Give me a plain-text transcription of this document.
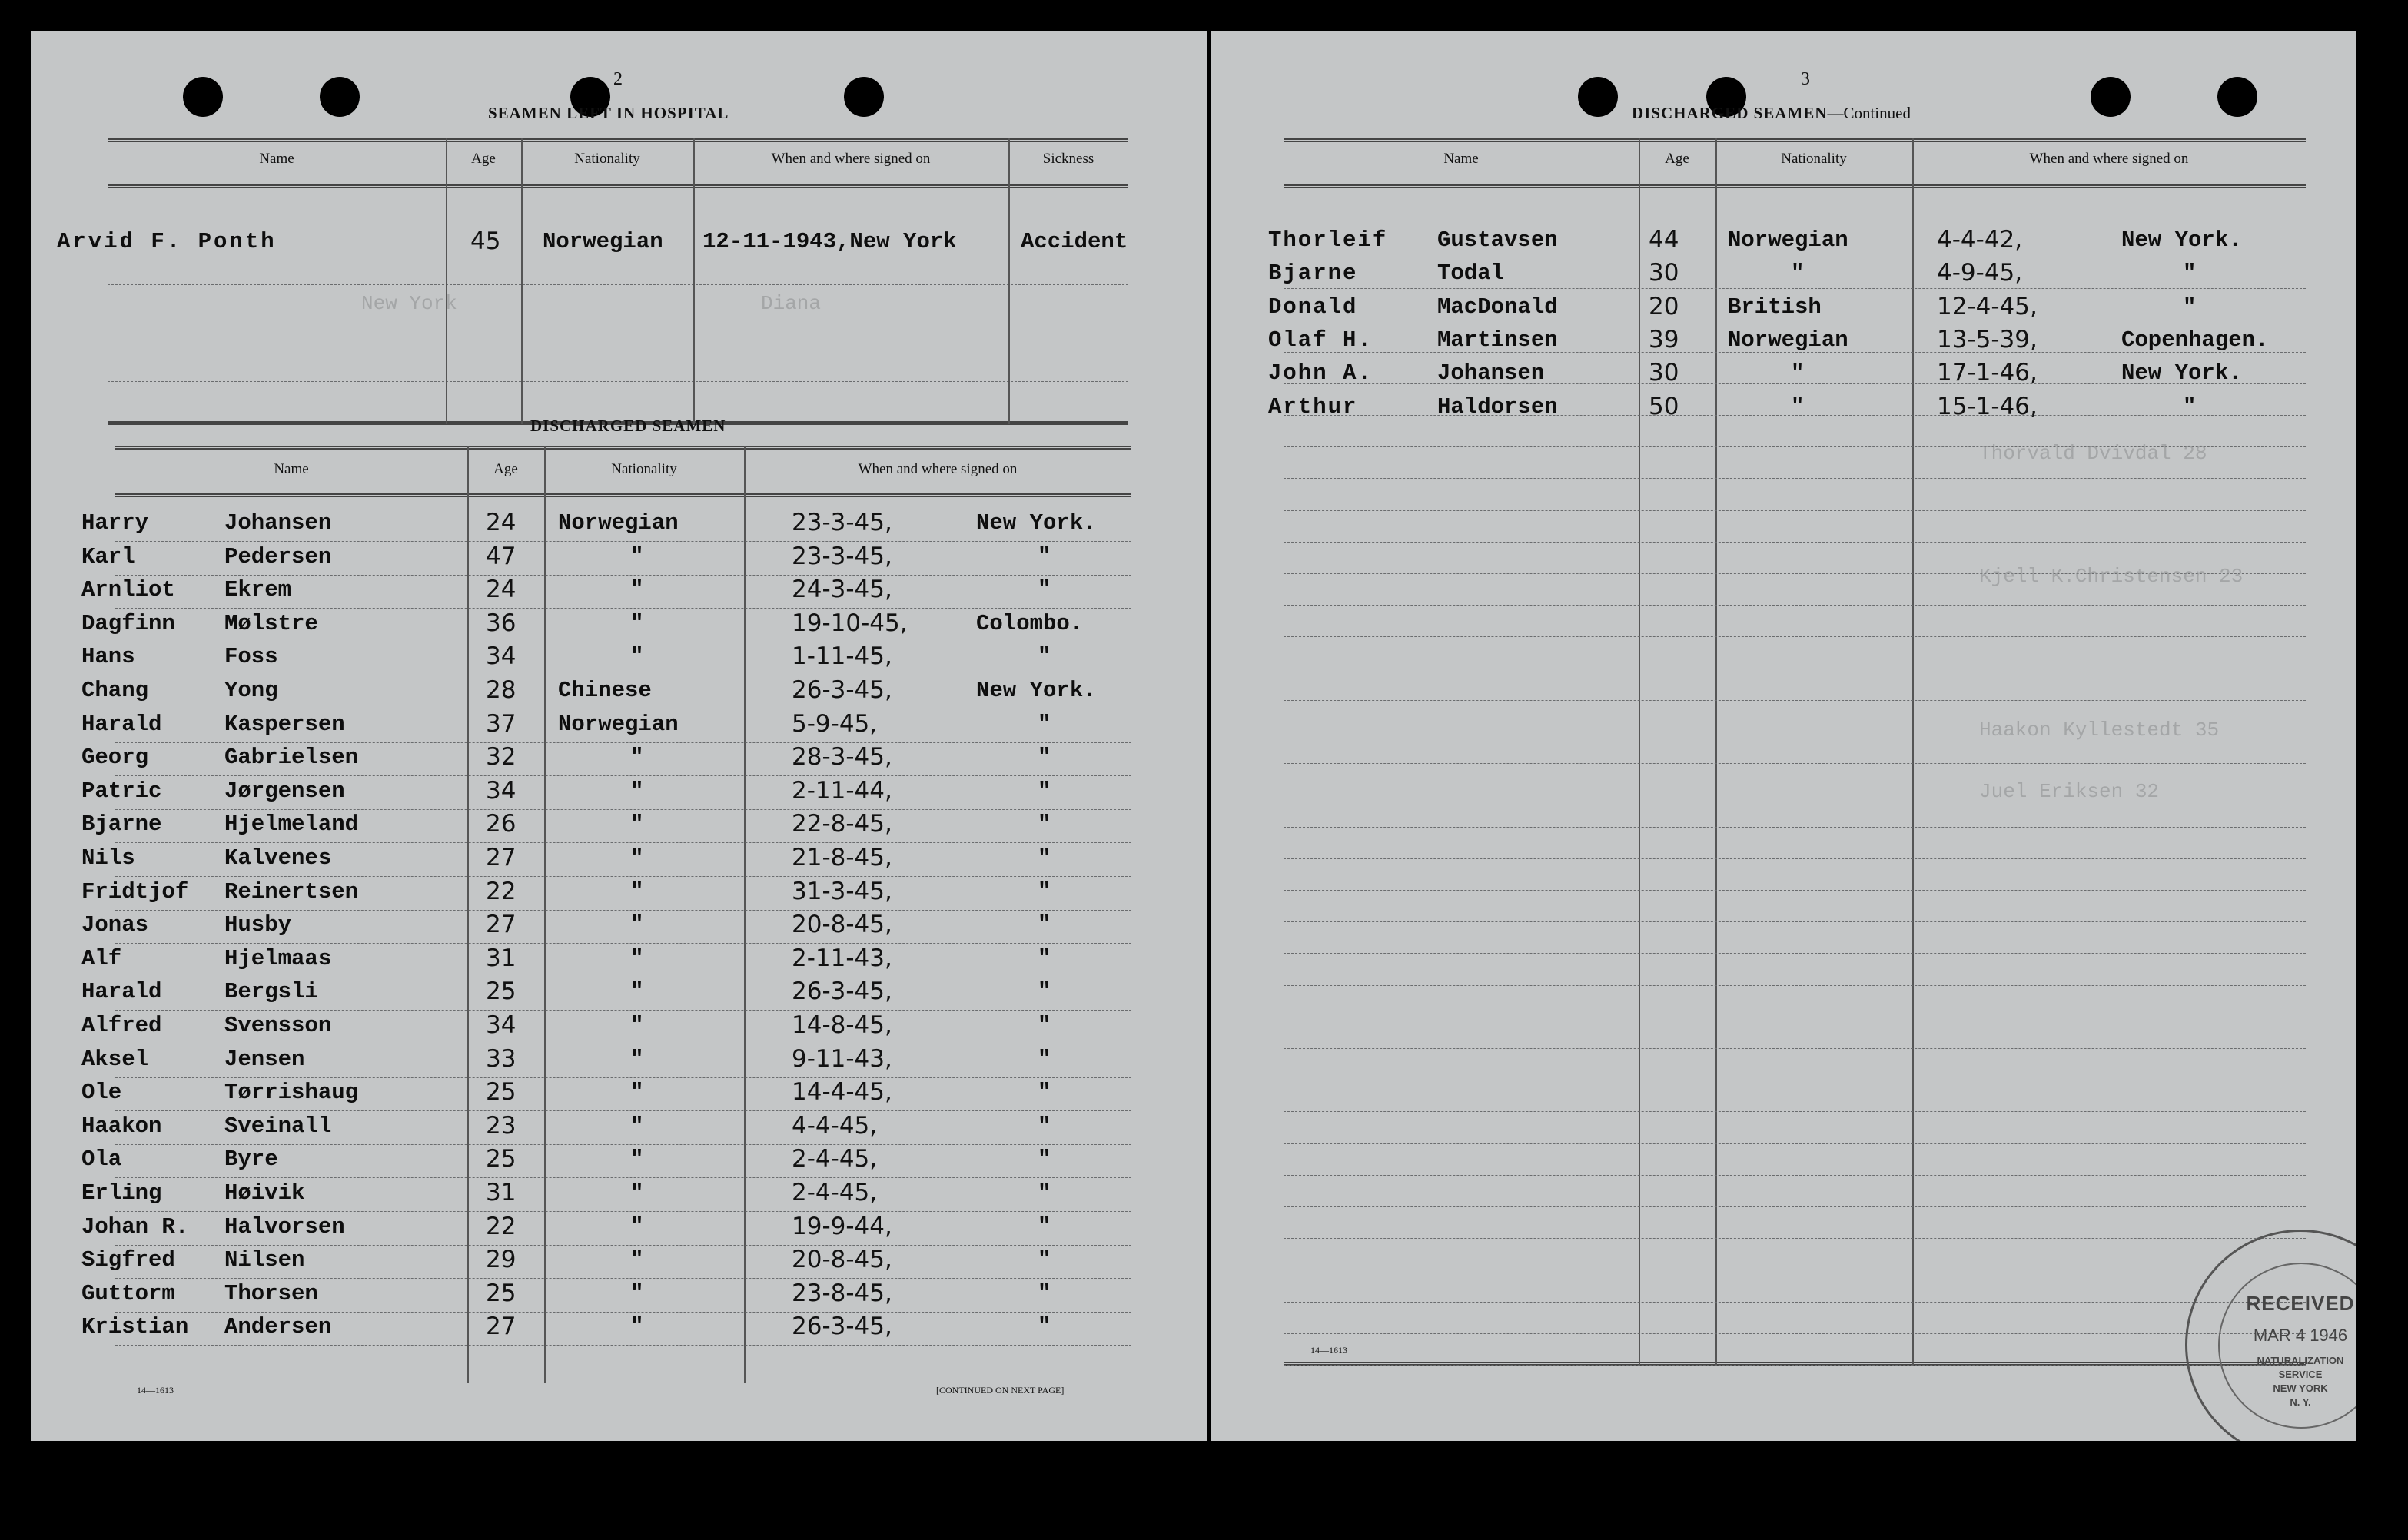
2
SEAMEN LEFT IN HOSPITAL
Name	Age	Nationality	When and where signed on	Sickness
Arvid F. Ponth	45 Norwegian 12-11-1943,New York	Accident
New York	Diana
DISCHARGED SEAMEN
Name	Age	Nationality	When and where signed on
Harry	Johansen	24 Norwegian	23-3-45,	New York.
Karl	Pedersen	47	"	23-3-45,	"
Arnliot Ekrem	24	"	24-3-45,	"
Dagfinn Mølstre	36	"	19-10-45,	Colombo.
Hans	Foss	34	"	1-11-45,	"
Chang	Yong	28 Chinese	26-3-45,	New York.
Harald	Kaspersen	37 Norwegian	5-9-45,	"
Georg	Gabrielsen	32	"	28-3-45,	"
Patric	Jørgensen	34	"	2-11-44,	"
Bjarne	Hjelmeland	26	"	22-8-45,	"
Nils	Kalvenes	27	"	21-8-45,	"
Fridtjof Reinertsen	22	"	31-3-45,	"
Jonas	Husby	27	"	20-8-45,	"
Alf	Hjelmaas	31	"	2-11-43,	"
Harald	Bergsli	25	"	26-3-45,	"
Alfred	Svensson	34	"	14-8-45,	"
Aksel	Jensen	33	"	9-11-43,	"
Ole	Tørrishaug	25	"	14-4-45,	"
Haakon	Sveinall	23	"	4-4-45,	"
Ola	Byre	25	"	2-4-45,	"
Erling	Høivik	31	"	2-4-45,	"
Johan R. Halvorsen	22	"	19-9-44,	"
Sigfred Nilsen	29	"	20-8-45,	"
Guttorm Thorsen	25	"	23-8-45,	"
Kristian Andersen	27	"	26-3-45,	"
14—1613	[CONTINUED ON NEXT PAGE]
3
DISCHARGED SEAMEN—Continued
Name	Age	Nationality	When and where signed on
Thorleif Gustavsen	44 Norwegian	4-4-42,	New York.
Bjarne	Todal	30	"	4-9-45,	"
Donald	MacDonald	20 British	12-4-45,	"
Olaf H.	Martinsen	39 Norwegian	13-5-39,	Copenhagen.
John A.	Johansen	30	"	17-1-46,	New York.
Arthur	Haldorsen	50	"	15-1-46,	"
Thorvald Dvivdal 28
Kjell K.Christensen 23
Haakon Kyllestedt 35
Juel Eriksen 32
14—1613
RECEIVED
MAR 4 1946
NATURALIZATION
SERVICE
NEW YORK
N. Y.
